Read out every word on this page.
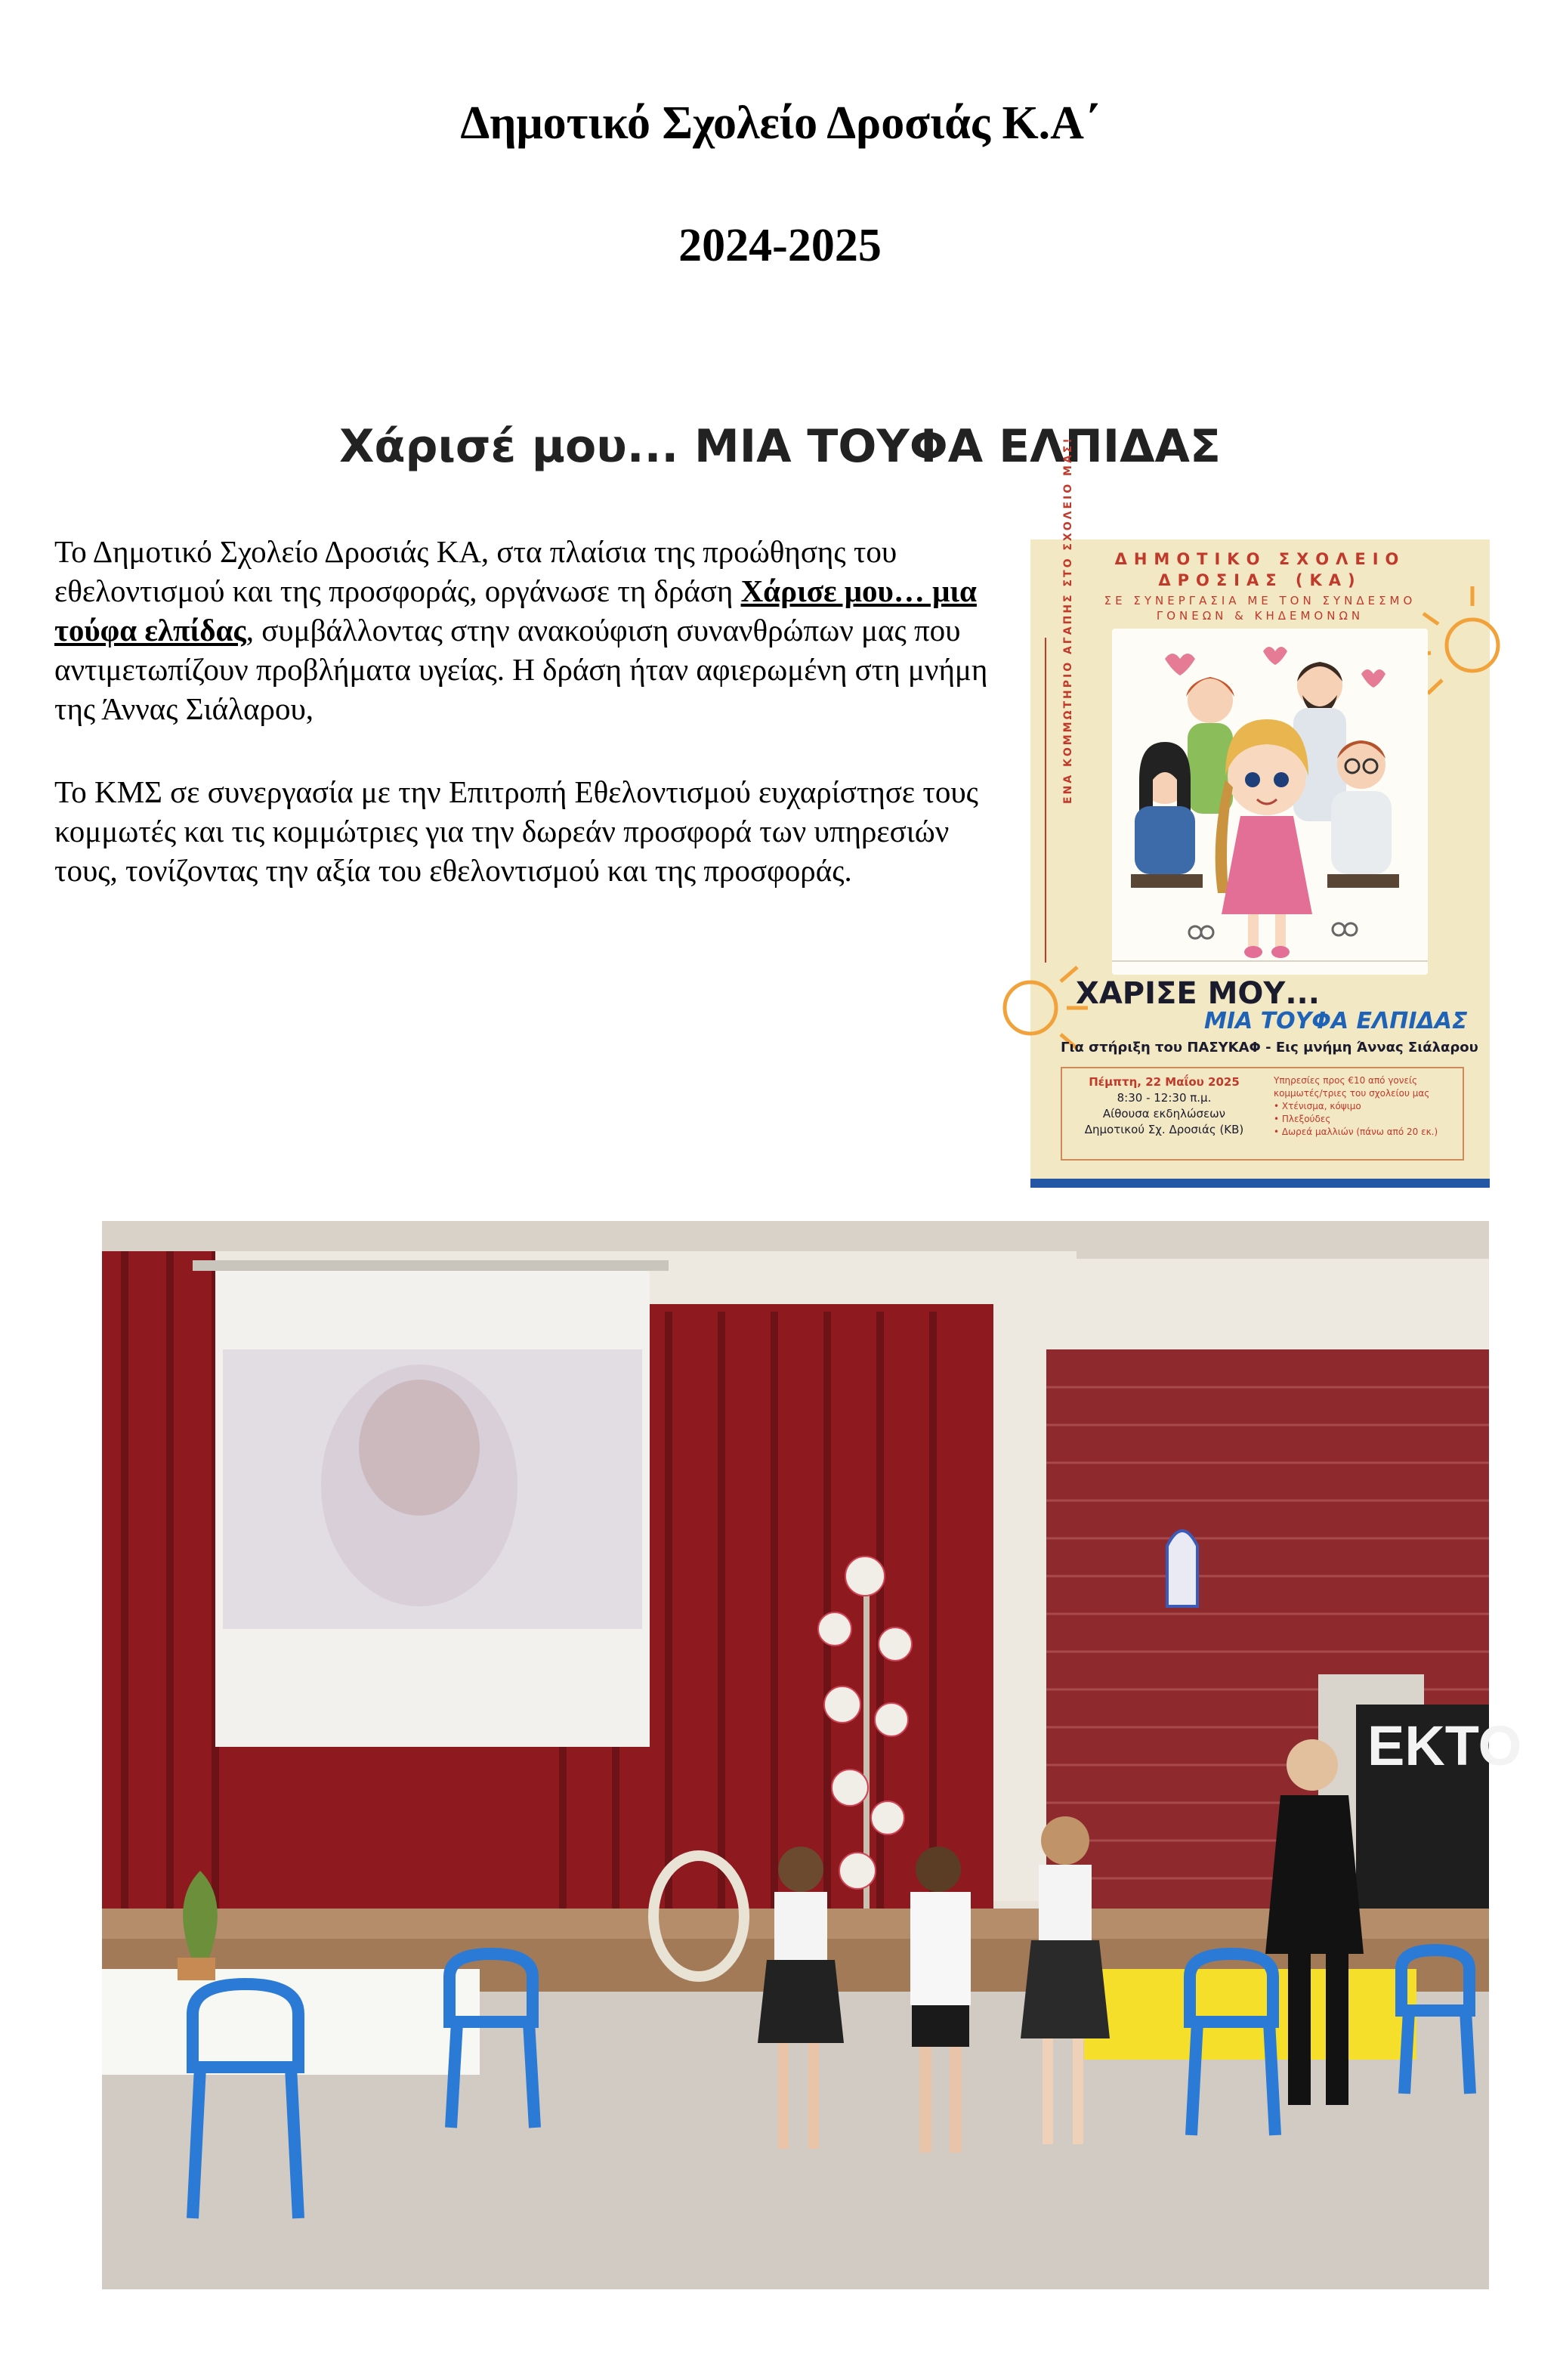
Δημοτικό Σχολείο Δροσιάς Κ.Α΄
2024-2025
Χάρισέ μου... ΜΙΑ ΤΟΥΦΑ ΕΛΠΙΔΑΣ
Το Δημοτικό Σχολείο Δροσιάς ΚΑ, στα πλαίσια της προώθησης του εθελοντισμού και της προσφοράς, οργάνωσε τη δράση Χάρισε μου… μια τούφα ελπίδας, συμβάλλοντας στην ανακούφιση συνανθρώπων μας που αντιμετωπίζουν προβλήματα υγείας. Η δράση ήταν αφιερωμένη στη μνήμη της Άννας Σιάλαρου,
Το ΚΜΣ σε συνεργασία με την Επιτροπή Εθελοντισμού ευχαρίστησε τους κομμωτές και τις κομμώτριες για την δωρεάν προσφορά των υπηρεσιών τους, τονίζοντας την αξία του εθελοντισμού και της προσφοράς.
ΔΗΜΟΤΙΚΟ ΣΧΟΛΕΙΟ
ΔΡΟΣΙΑΣ (ΚΑ)
ΣΕ ΣΥΝΕΡΓΑΣΙΑ ΜΕ ΤΟΝ ΣΥΝΔΕΣΜΟ
ΓΟΝΕΩΝ & ΚΗΔΕΜΟΝΩΝ
ΕΝΑ ΚΟΜΜΩΤΗΡΙΟ ΑΓΑΠΗΣ ΣΤΟ ΣΧΟΛΕΙΟ ΜΑΣ!
ΧΑΡΙΣΕ ΜΟΥ...
ΜΙΑ ΤΟΥΦΑ ΕΛΠΙΔΑΣ
Για στήριξη του ΠΑΣΥΚΑΦ - Εις μνήμη Άννας Σιάλαρου
Πέμπτη, 22 Μαΐου 2025
8:30 - 12:30 π.μ.
Αίθουσα εκδηλώσεων
Δημοτικού Σχ. Δροσιάς (ΚΒ)
Υπηρεσίες προς €10 από γονείς κομμωτές/τριες του σχολείου μας
• Χτένισμα, κόψιμο
• Πλεξούδες
• Δωρεά μαλλιών (πάνω από 20 εκ.)
ΕΚΤΟ
